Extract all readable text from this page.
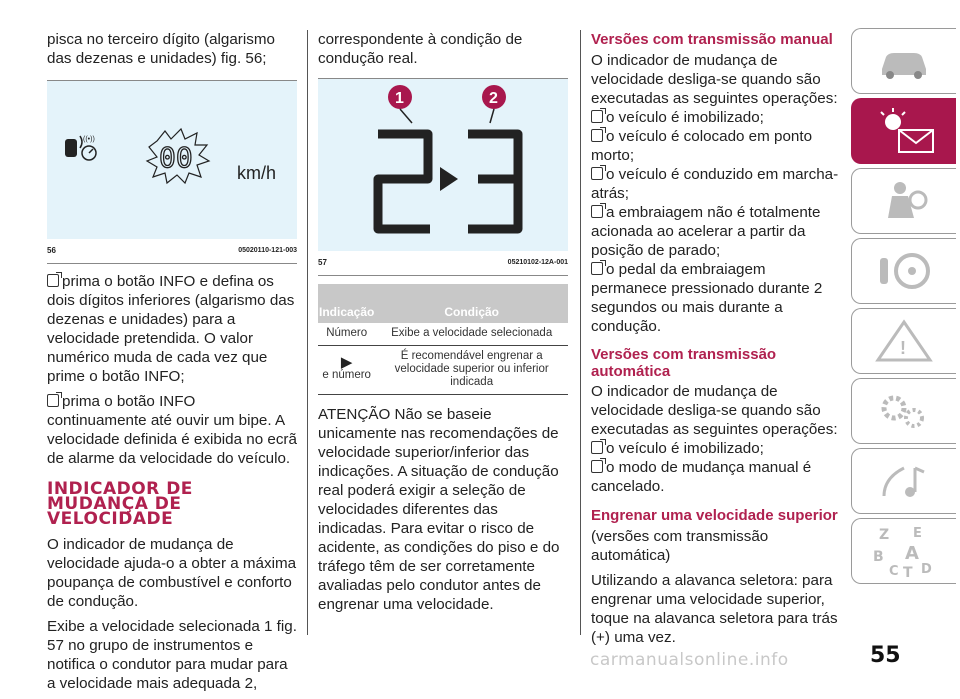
pisca no terceiro dígito (algarismo das dezenas e unidades) fig. 56;

((•))
00 km/h
56	05020110-121-003

prima o botão INFO e defina os dois dígitos inferiores (algarismo das dezenas e unidades) para a velocidade pretendida. O valor numérico muda de cada vez que prime o botão INFO;

prima o botão INFO continuamente até ouvir um bipe. A velocidade definida é exibida no ecrã de alarme da velocidade do veículo.

INDICADOR DE MUDANÇA DE VELOCIDADE

O indicador de mudança de velocidade ajuda-o a obter a máxima poupança de combustível e conforto de condução.

Exibe a velocidade selecionada 1 fig. 57 no grupo de instrumentos e notifica o condutor para mudar para a velocidade mais adequada 2,

correspondente à condição de condução real.

1	2
57	05210102-12A-001
Indicação	Condição
Número	Exibe a velocidade selecionada

▶
e número	É recomendável engrenar a velocidade superior ou inferior indicada

ATENÇÃO Não se baseie unicamente nas recomendações de velocidade superior/inferior das indicações. A situação de condução real poderá exigir a seleção de velocidades diferentes das indicadas. Para evitar o risco de acidente, as condições do piso e do tráfego têm de ser corretamente avaliadas pelo condutor antes de engrenar uma velocidade.

Versões com transmissão manual
O indicador de mudança de velocidade desliga-se quando são executadas as seguintes operações:
o veículo é imobilizado;
o veículo é colocado em ponto morto;
o veículo é conduzido em marcha-atrás;
a embraiagem não é totalmente acionada ao acelerar a partir da posição de parado;
o pedal da embraiagem permanece pressionado durante 2 segundos ou mais durante a condução.
Versões com transmissão automática
O indicador de mudança de velocidade desliga-se quando são executadas as seguintes operações:
o veículo é imobilizado;
o modo de mudança manual é cancelado.
Engrenar uma velocidade superior
(versões com transmissão automática)
Utilizando a alavanca seletora: para engrenar uma velocidade superior, toque na alavanca seletora para trás (+) uma vez.
!
Z E
B A
C T D
55
carmanualsonline.info
